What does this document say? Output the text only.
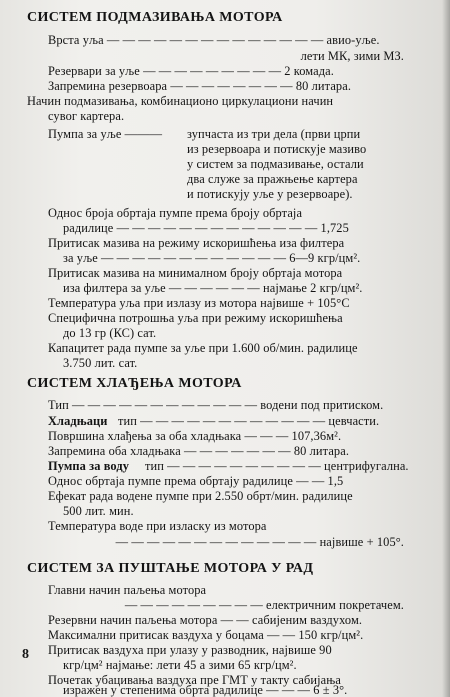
СИСТЕМ ПОДМАЗИВАЊА МОТОРА
Врста уља — — — — — — — — — — — — — — авио-уље.
лети МК, зими МЗ.
Резервари за уље — — — — — — — — — 2 комада.
Запремина резервоара — — — — — — — — 80 литара.
Начин подмазивања, комбинационо циркулациони начин
сувог картера.
Пумпа за уље ——— зупчаста из три дела (први црпи
из резервоара и потискује мазиво
у систем за подмазивање, остали
два служе за пражњење картера
и потискују уље у резервоаре).
Однос броја обртаја пумпе према броју обртаја
радилице — — — — — — — — — — — — — 1,725
Притисак мазива на режиму искоришћења иза филтера
за уље — — — — — — — — — — — — 6—9 кгр/цм².
Притисак мазива на минималном броју обртаја мотора
иза филтера за уље — — — — — — најмање 2 кгр/цм².
Температура уља при излазу из мотора највише + 105°C
Специфична потрошња уља при режиму искоришћења
до 13 гр (КС) сат.
Капацитет рада пумпе за уље при 1.600 об/мин. радилице
3.750 лит. сат.
СИСТЕМ ХЛАЂЕЊА МОТОРА
Тип — — — — — — — — — — — — водени под притиском.
Хладњаци тип — — — — — — — — — — — — цевчасти.
Површина хлађења за оба хладњака — — — 107,36м².
Запремина оба хладњака — — — — — — — 80 литара.
Пумпа за воду тип — — — — — — — — — — центрифугална.
Однос обртаја пумпе према обртају радилице — — 1,5
Ефекат рада водене пумпе при 2.550 обрт/мин. радилице
500 лит. мин.
Температура воде при изласку из мотора
— — — — — — — — — — — — — највише + 105°.
СИСТЕМ ЗА ПУШТАЊЕ МОТОРА У РАД
Главни начин паљења мотора
— — — — — — — — — електричним покретачем.
Резервни начин паљења мотора — — сабијеним ваздухом.
Максимални притисак ваздуха у боцама — — 150 кгр/цм².
Притисак ваздуха при улазу у разводник, највише 90
кгр/цм² најмање: лети 45 а зими 65 кгр/цм².
Почетак убацивања ваздуха пре ГМТ у такту сабијања
изражен у степенима обрта радилице — — — 6 ± 3°.
8
